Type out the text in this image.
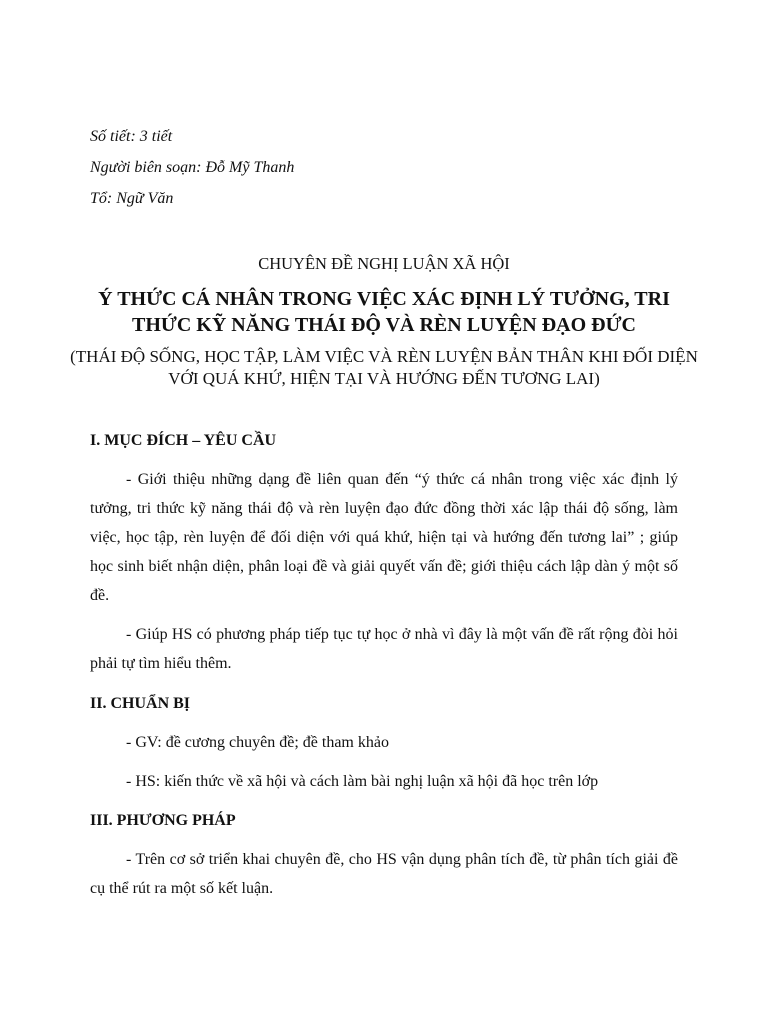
Số tiết: 3 tiết
Người biên soạn: Đỗ Mỹ Thanh
Tổ: Ngữ Văn
CHUYÊN ĐỀ NGHỊ LUẬN XÃ HỘI
Ý THỨC CÁ NHÂN TRONG VIỆC XÁC ĐỊNH LÝ TƯỞNG, TRI THỨC KỸ NĂNG THÁI ĐỘ VÀ RÈN LUYỆN ĐẠO ĐỨC
(THÁI ĐỘ SỐNG, HỌC TẬP, LÀM VIỆC VÀ RÈN LUYỆN BẢN THÂN KHI ĐỐI DIỆN VỚI QUÁ KHỨ, HIỆN TẠI VÀ HƯỚNG ĐẾN TƯƠNG LAI)
I. MỤC ĐÍCH – YÊU CẦU
- Giới thiệu những dạng đề liên quan đến “ý thức cá nhân trong việc xác định lý tưởng, tri thức kỹ năng thái độ và rèn luyện đạo đức đồng thời xác lập thái độ sống, làm việc, học tập, rèn luyện để đối diện với quá khứ, hiện tại và hướng đến tương lai” ; giúp học sinh biết nhận diện, phân loại đề và giải quyết vấn đề; giới thiệu cách lập dàn ý một số đề.
- Giúp HS có phương pháp tiếp tục tự học ở nhà vì đây là một vấn đề rất rộng đòi hỏi phải tự tìm hiểu thêm.
II. CHUẨN BỊ
- GV: đề cương chuyên đề; đề tham khảo
- HS: kiến thức về xã hội và cách làm bài nghị luận xã hội đã học trên lớp
III. PHƯƠNG PHÁP
- Trên cơ sở triển khai chuyên đề, cho HS vận dụng phân tích đề, từ phân tích giải đề cụ thể rút ra một số kết luận.
